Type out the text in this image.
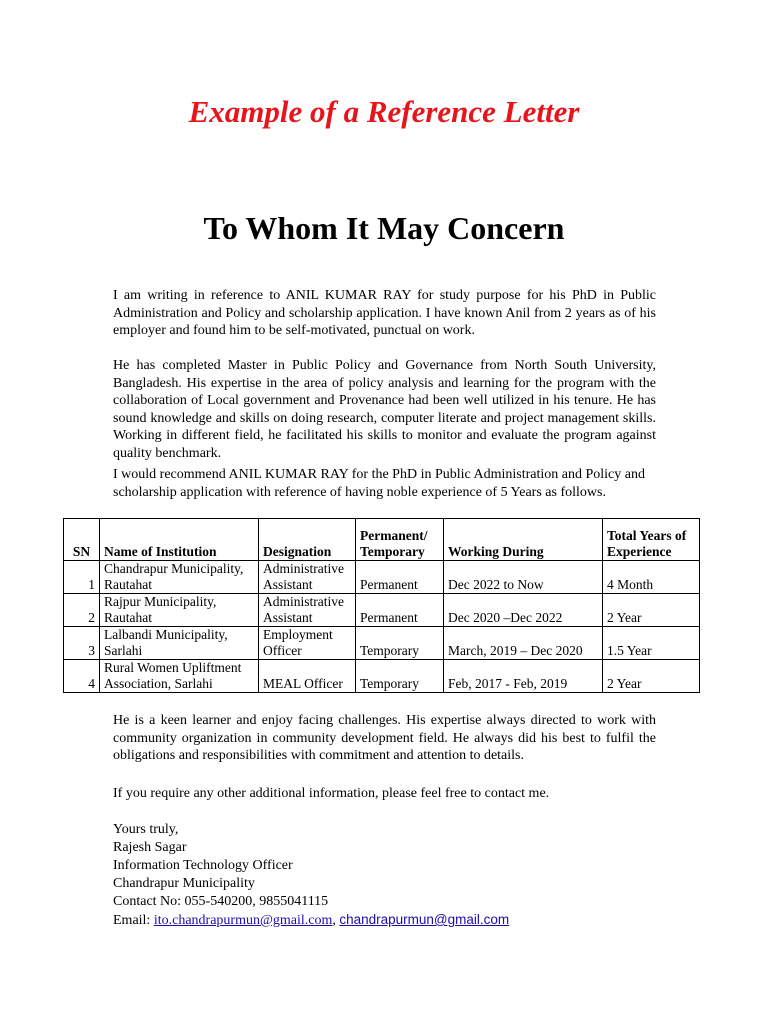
Example of a Reference Letter
To Whom It May Concern

I am writing in reference to ANIL KUMAR RAY for study purpose for his PhD in Public Administration and Policy and scholarship application. I have known Anil from 2 years as of his employer and found him to be self-motivated, punctual on work.

He has completed Master in Public Policy and Governance from North South University, Bangladesh. His expertise in the area of policy analysis and learning for the program with the collaboration of Local government and Provenance had been well utilized in his tenure. He has sound knowledge and skills on doing research, computer literate and project management skills. Working in different field, he facilitated his skills to monitor and evaluate the program against quality benchmark.

I would recommend ANIL KUMAR RAY for the PhD in Public Administration and Policy and scholarship application with reference of having noble experience of 5 Years as follows.

SN	Name of Institution	Designation	Permanent/ Temporary	Working During	Total Years of Experience
1	Chandrapur Municipality, Rautahat	Administrative Assistant	Permanent	Dec 2022 to Now	4 Month
2	Rajpur Municipality, Rautahat	Administrative Assistant	Permanent	Dec 2020 –Dec 2022	2 Year
3	Lalbandi Municipality, Sarlahi	Employment Officer	Temporary	March, 2019 – Dec 2020	1.5 Year
4	Rural Women Upliftment Association, Sarlahi	MEAL Officer	Temporary	Feb, 2017 - Feb, 2019	2 Year

He is a keen learner and enjoy facing challenges. His expertise always directed to work with community organization in community development field. He always did his best to fulfil the obligations and responsibilities with commitment and attention to details.

If you require any other additional information, please feel free to contact me.

Yours truly,
Rajesh Sagar
Information Technology Officer
Chandrapur Municipality
Contact No: 055-540200, 9855041115
Email: ito.chandrapurmun@gmail.com, chandrapurmun@gmail.com
